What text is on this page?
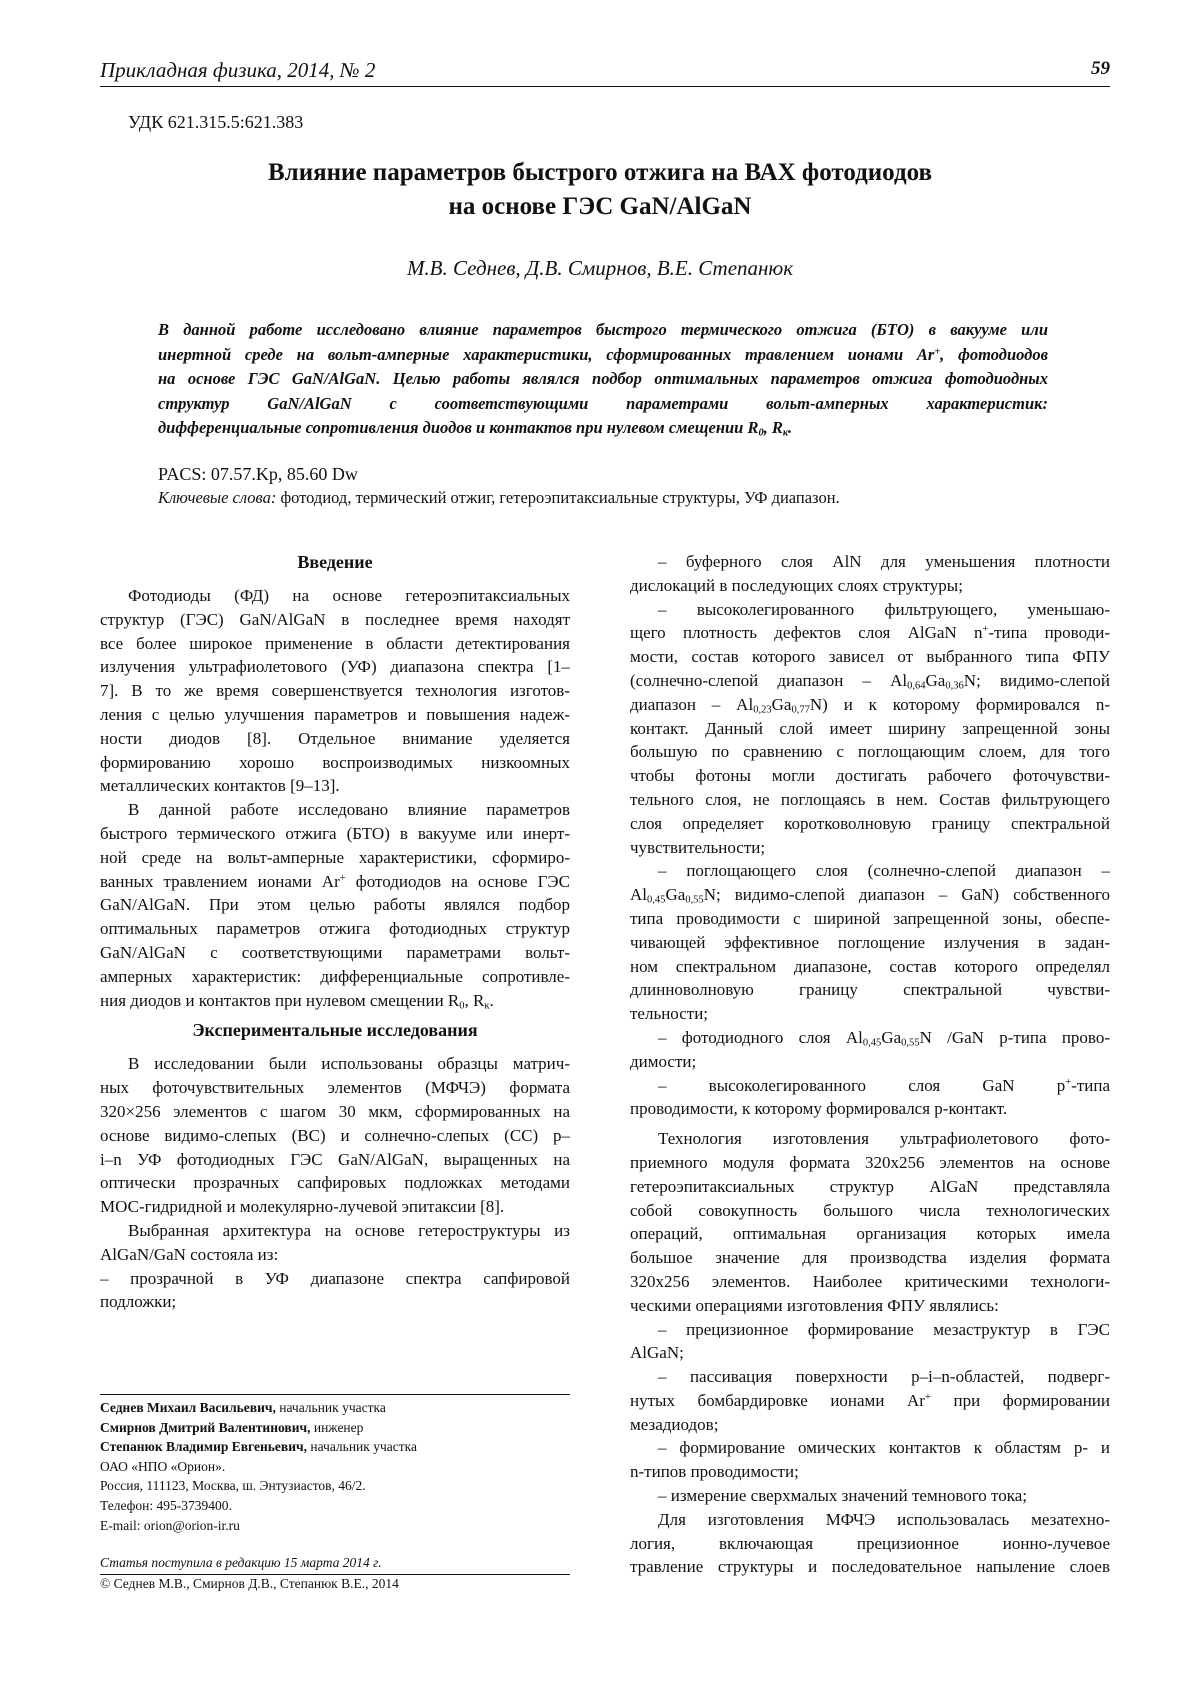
Прикладная физика, 2014, № 2	59
УДК 621.315.5:621.383
Влияние параметров быстрого отжига на ВАХ фотодиодов
на основе ГЭС GaN/AlGaN
М.В. Седнев, Д.В. Смирнов, В.Е. Степанюк
В данной работе исследовано влияние параметров быстрого термического отжига (БТО) в вакууме или
инертной среде на вольт-амперные характеристики, сформированных травлением ионами Ar+, фотодиодов
на основе ГЭС GaN/AlGaN. Целью работы являлся подбор оптимальных параметров отжига фотодиодных
структур GaN/AlGaN с соответствующими параметрами вольт-амперных характеристик:
дифференциальные сопротивления диодов и контактов при нулевом смещении $R_0$, $R_к$.
PACS: 07.57.Kp, 85.60 Dw
Ключевые слова: фотодиод, термический отжиг, гетероэпитаксиальные структуры, УФ диапазон.
Введение
Фотодиоды (ФД) на основе гетероэпитаксиальных
структур (ГЭС) GaN/AlGaN в последнее время находят
все более широкое применение в области детектирования
излучения ультрафиолетового (УФ) диапазона спектра [1–
7]. В то же время совершенствуется технология изготов-
ления с целью улучшения параметров и повышения надеж-
ности диодов [8]. Отдельное внимание уделяется
формированию хорошо воспроизводимых низкоомных
металлических контактов [9–13].
В данной работе исследовано влияние параметров
быстрого термического отжига (БТО) в вакууме или инерт-
ной среде на вольт-амперные характеристики, сформиро-
ванных травлением ионами Ar+ фотодиодов на основе ГЭС
GaN/AlGaN. При этом целью работы являлся подбор
оптимальных параметров отжига фотодиодных структур
GaN/AlGaN с соответствующими параметрами вольт-
амперных характеристик: дифференциальные сопротивле-
ния диодов и контактов при нулевом смещении $R_0$, $R_к$.
Экспериментальные исследования
В исследовании были использованы образцы матрич-
ных фоточувствительных элементов (МФЧЭ) формата
320×256 элементов с шагом 30 мкм, сформированных на
основе видимо-слепых (ВС) и солнечно-слепых (СС) p–
i–n УФ фотодиодных ГЭС GaN/AlGaN, выращенных на
оптически прозрачных сапфировых подложках методами
МОС-гидридной и молекулярно-лучевой эпитаксии [8].
Выбранная архитектура на основе гетероструктуры из
AlGaN/GaN состояла из:
– прозрачной в УФ диапазоне спектра сапфировой
подложки;
Седнев Михаил Васильевич, начальник участка
Смирнов Дмитрий Валентинович, инженер
Степанюк Владимир Евгеньевич, начальник участка
ОАО «НПО «Орион».
Россия, 111123, Москва, ш. Энтузиастов, 46/2.
Телефон: 495-3739400.
E-mail: orion@orion-ir.ru
Статья поступила в редакцию 15 марта 2014 г.
© Седнев М.В., Смирнов Д.В., Степанюк В.Е., 2014
– буферного слоя AlN для уменьшения плотности
дислокаций в последующих слоях структуры;
– высоколегированного фильтрующего, уменьшаю-
щего плотность дефектов слоя AlGaN n+-типа проводи-
мости, состав которого зависел от выбранного типа ФПУ
(солнечно-слепой диапазон – $Al_{0,64}Ga_{0,36}N$; видимо-слепой
диапазон – $Al_{0,23}Ga_{0,77}N$) и к которому формировался n-
контакт. Данный слой имеет ширину запрещенной зоны
большую по сравнению с поглощающим слоем, для того
чтобы фотоны могли достигать рабочего фоточувстви-
тельного слоя, не поглощаясь в нем. Состав фильтрующего
слоя определяет коротковолновую границу спектральной
чувствительности;
– поглощающего слоя (солнечно-слепой диапазон –
$Al_{0,45}Ga_{0,55}N$; видимо-слепой диапазон – GaN) собственного
типа проводимости с шириной запрещенной зоны, обеспе-
чивающей эффективное поглощение излучения в задан-
ном спектральном диапазоне, состав которого определял
длинноволновую границу спектральной чувстви-
тельности;
– фотодиодного слоя $Al_{0,45}Ga_{0,55}N$ /GaN p-типа прово-
димости;
– высоколегированного слоя GaN p+-типа
проводимости, к которому формировался p-контакт.
Технология изготовления ультрафиолетового фото-
приемного модуля формата 320х256 элементов на основе
гетероэпитаксиальных структур AlGaN представляла
собой совокупность большого числа технологических
операций, оптимальная организация которых имела
большое значение для производства изделия формата
320х256 элементов. Наиболее критическими технологи-
ческими операциями изготовления ФПУ являлись:
– прецизионное формирование мезаструктур в ГЭС
AlGaN;
– пассивация поверхности p–i–n-областей, подверг-
нутых бомбардировке ионами Ar+ при формировании
мезадиодов;
– формирование омических контактов к областям p- и
n-типов проводимости;
– измерение сверхмалых значений темнового тока;
Для изготовления МФЧЭ использовалась мезатехно-
логия, включающая прецизионное ионно-лучевое
травление структуры и последовательное напыление слоев
